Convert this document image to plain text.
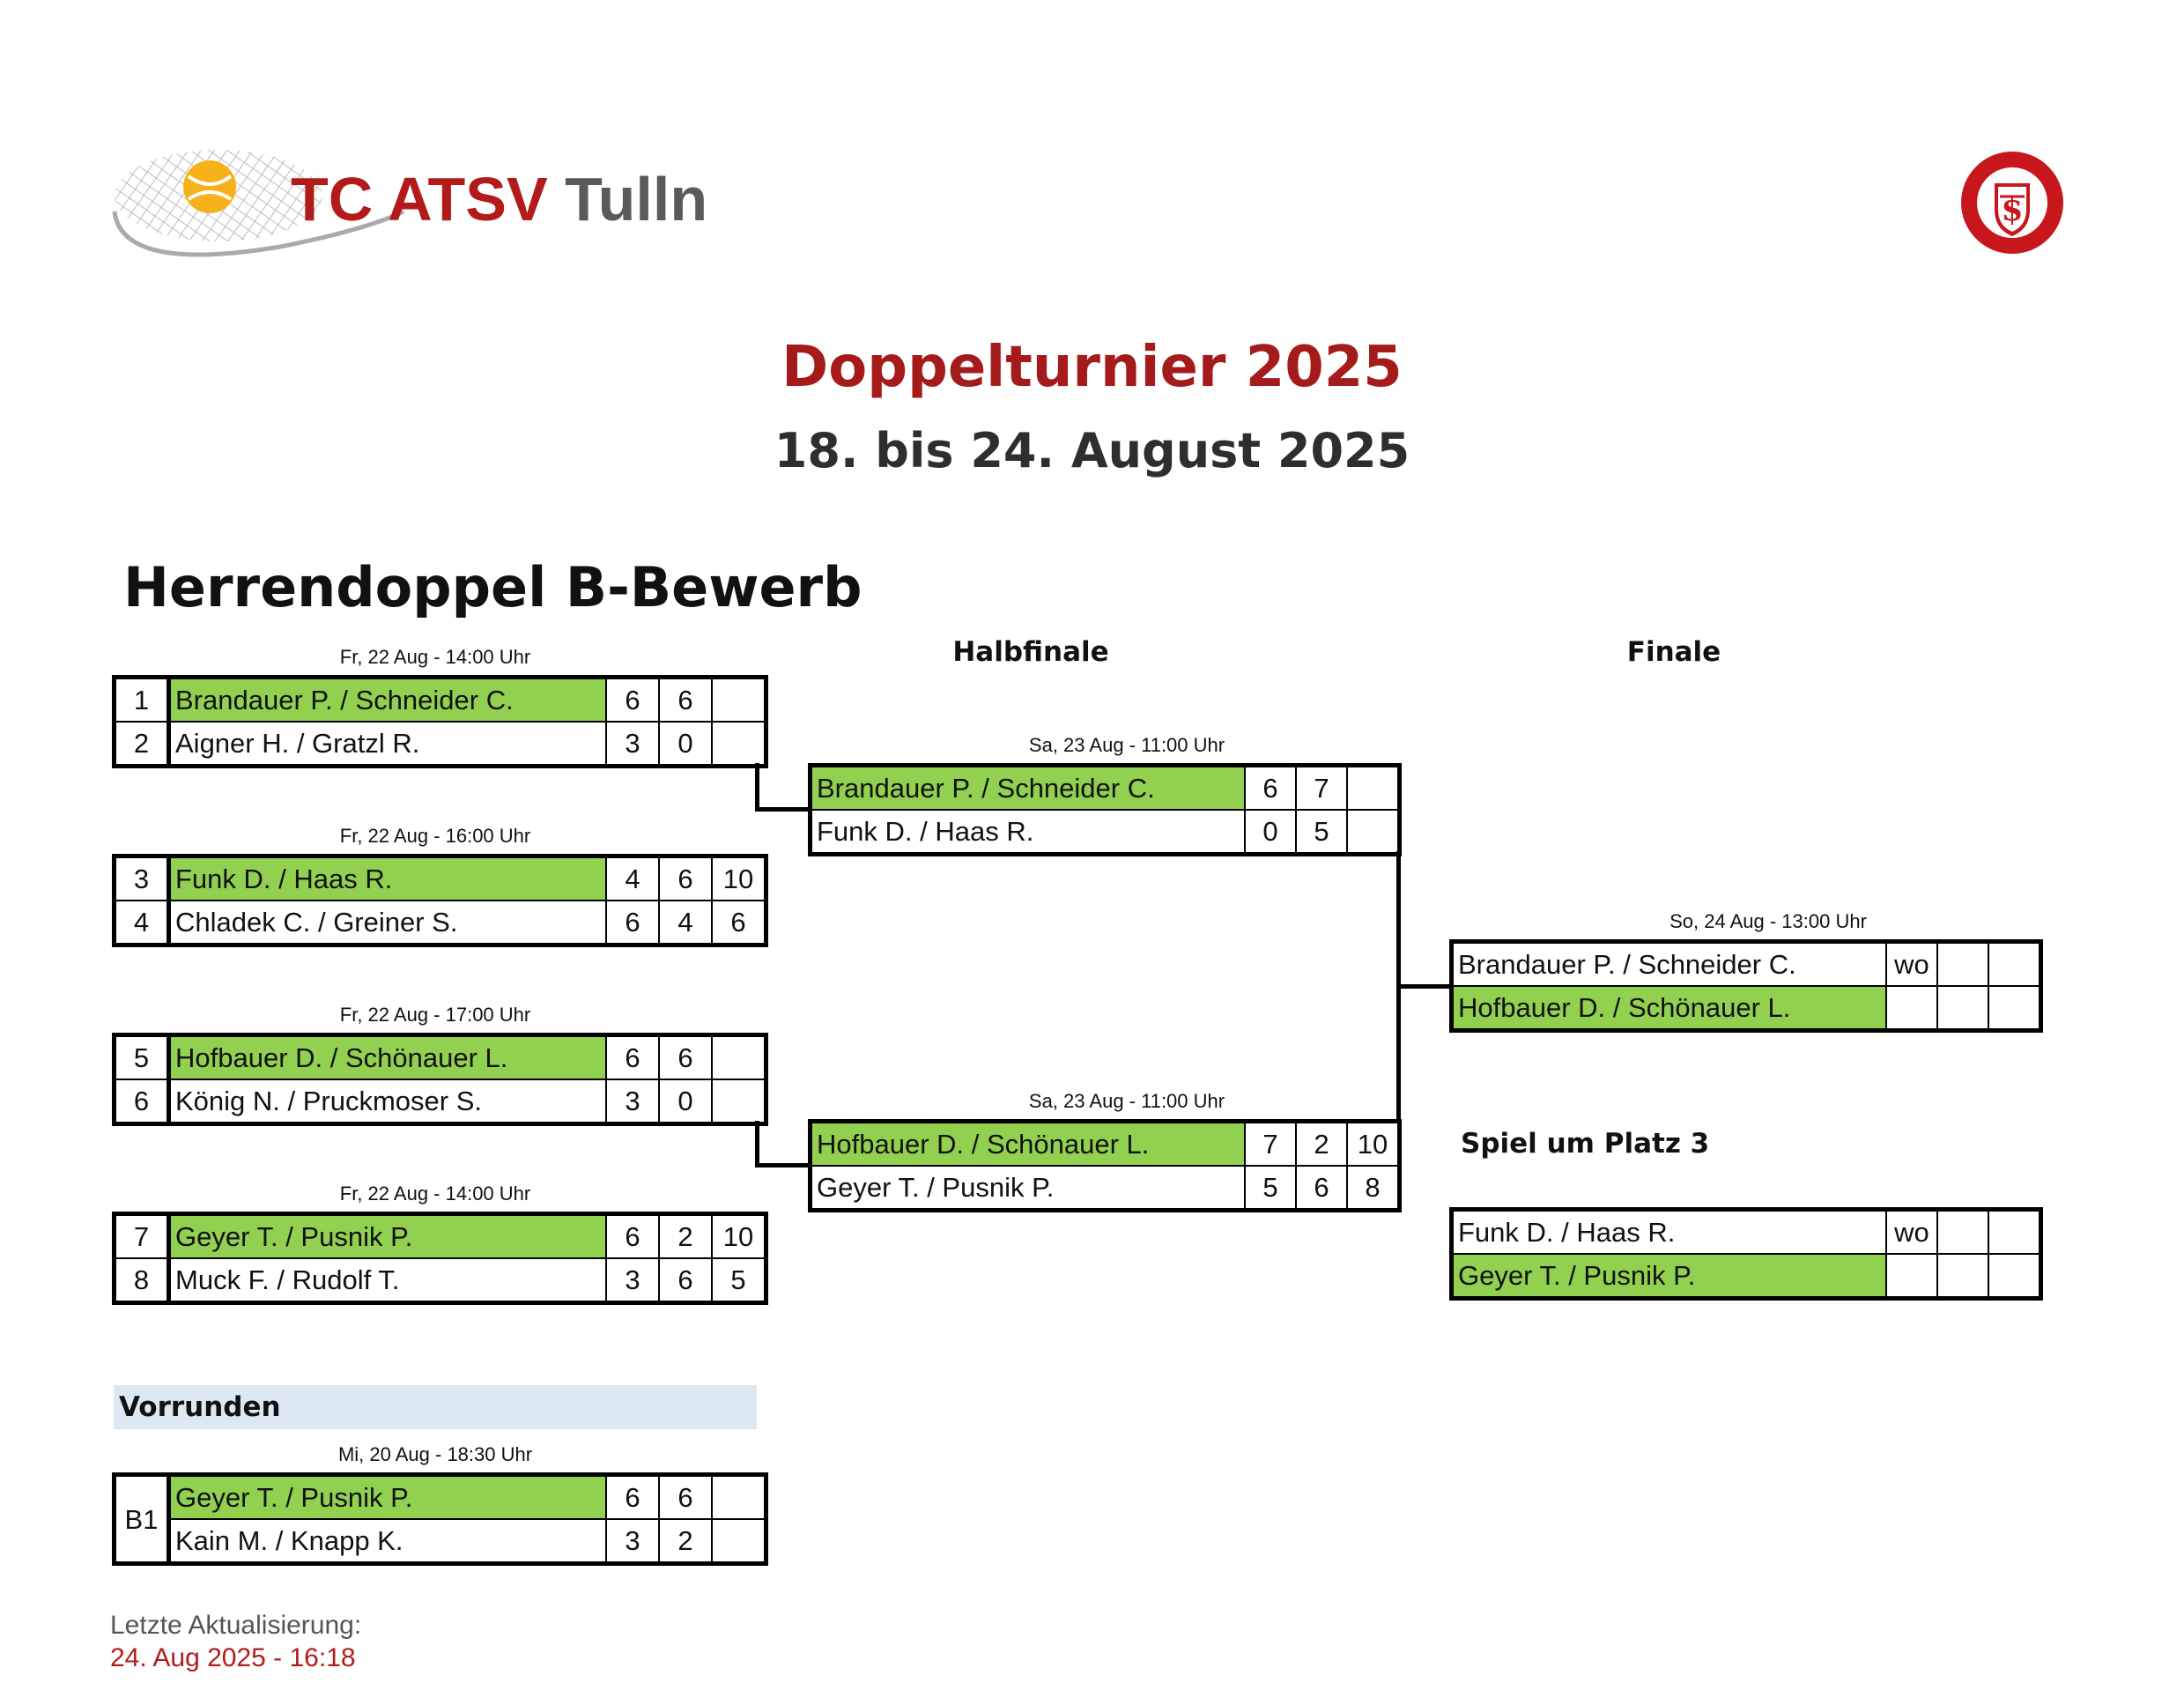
TC ATSV Tulln	$
Doppelturnier 2025
18. bis 24. August 2025
Herrendoppel B-Bewerb
Halbfinale	Finale
Spiel um Platz 3
Fr, 22 Aug - 14:00 Uhr
Fr, 22 Aug - 16:00 Uhr
Fr, 22 Aug - 17:00 Uhr
Fr, 22 Aug - 14:00 Uhr
1	Brandauer P. / Schneider C.	6	6	
2	Aigner H. / Gratzl R.	3	0	
3	Funk D. / Haas R.	4	6	10
4	Chladek C. / Greiner S.	6	4	6
5	Hofbauer D. / Schönauer L.	6	6	
6	König N. / Pruckmoser S.	3	0	
7	Geyer T. / Pusnik P.	6	2	10
8	Muck F. / Rudolf T.	3	6	5
Sa, 23 Aug - 11:00 Uhr
Sa, 23 Aug - 11:00 Uhr
Brandauer P. / Schneider C.	6	7	
Funk D. / Haas R.	0	5	
Hofbauer D. / Schönauer L.	7	2	10
Geyer T. / Pusnik P.	5	6	8
So, 24 Aug - 13:00 Uhr
Brandauer P. / Schneider C.	wo		
Hofbauer D. / Schönauer L.			
Funk D. / Haas R.	wo		
Geyer T. / Pusnik P.			
Vorrunden
Mi, 20 Aug - 18:30 Uhr
B1	Geyer T. / Pusnik P.	6	6	
	Kain M. / Knapp K.	3	2	
Letzte Aktualisierung:
24. Aug 2025 - 16:18
